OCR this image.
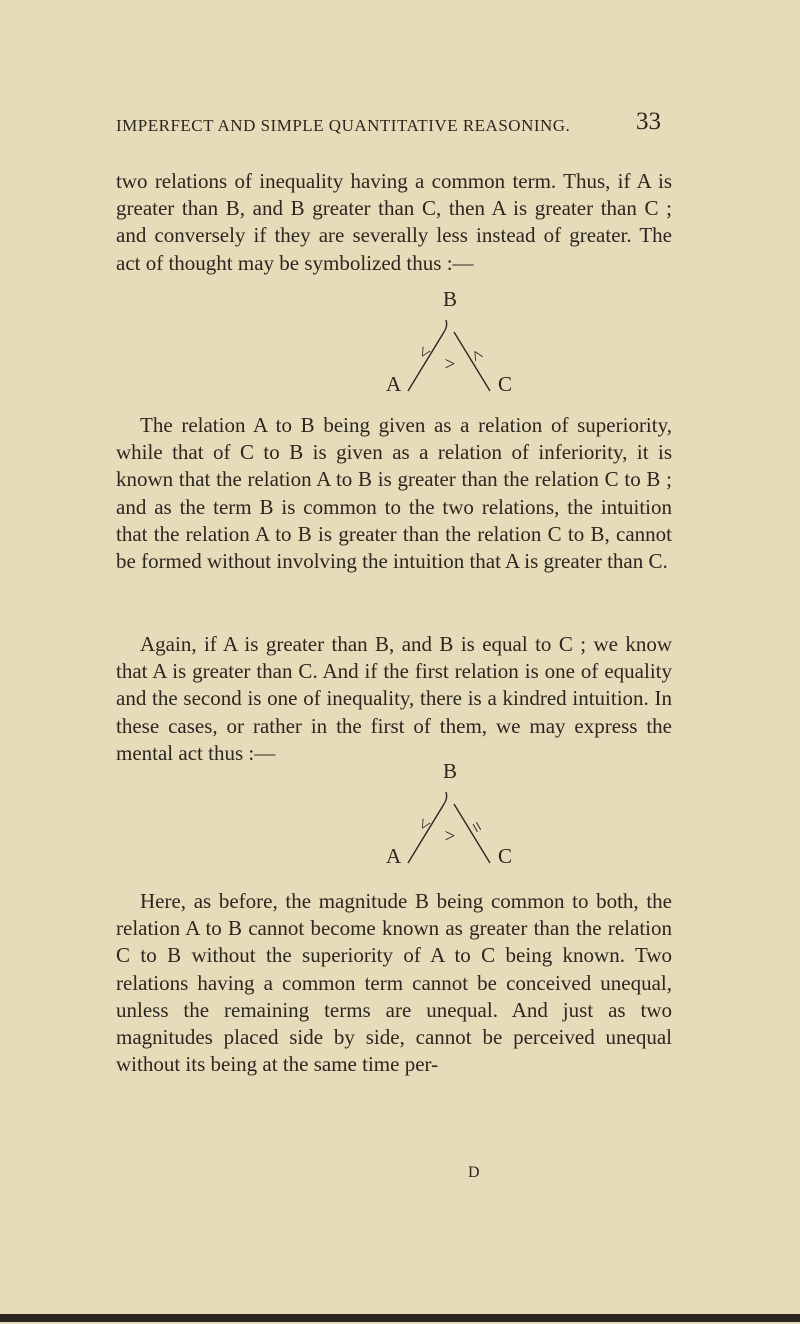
IMPERFECT AND SIMPLE QUANTITATIVE REASONING.	33

two relations of inequality having a common term. Thus, if A is greater than B, and B greater than C, then A is greater than C ; and conversely if they are severally less instead of greater. The act of thought may be symbolized thus :—

B
A	C
< <
>

The relation A to B being given as a relation of superiority, while that of C to B is given as a relation of inferiority, it is known that the relation A to B is greater than the relation C to B ; and as the term B is common to the two relations, the intuition that the relation A to B is greater than the relation C to B, cannot be formed without involving the intuition that A is greater than C.

Again, if A is greater than B, and B is equal to C ; we know that A is greater than C. And if the first relation is one of equality and the second is one of inequality, there is a kindred intuition. In these cases, or rather in the first of them, we may express the mental act thus :—

B
A	C
< =
>

Here, as before, the magnitude B being common to both, the relation A to B cannot become known as greater than the relation C to B without the superiority of A to C being known. Two relations having a common term cannot be conceived unequal, unless the remaining terms are unequal. And just as two magnitudes placed side by side, cannot be perceived unequal without its being at the same time per-

D
